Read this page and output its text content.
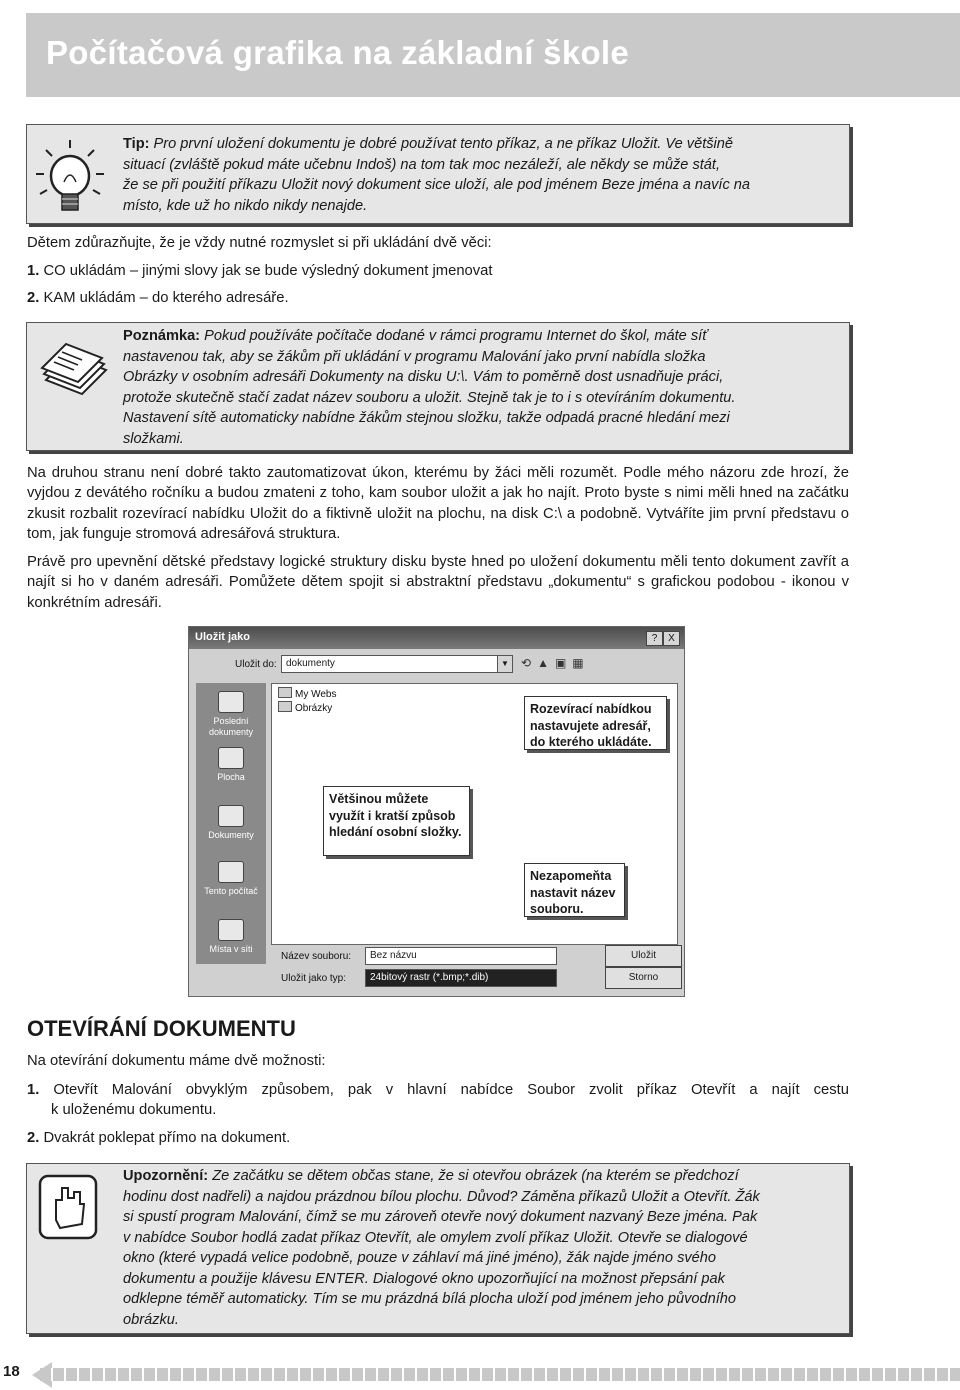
Počítačová grafika na základní škole
Tip: Pro první uložení dokumentu je dobré používat tento příkaz, a ne příkaz Uložit. Ve většině
situací (zvláště pokud máte učebnu Indoš) na tom tak moc nezáleží, ale někdy se může stát,
že se při použití příkazu Uložit nový dokument sice uloží, ale pod jménem Beze jména a navíc na
místo, kde už ho nikdo nikdy nenajde.
Dětem zdůrazňujte, že je vždy nutné rozmyslet si při ukládání dvě věci:
1. CO ukládám – jinými slovy jak se bude výsledný dokument jmenovat
2. KAM ukládám – do kterého adresáře.
Poznámka: Pokud používáte počítače dodané v rámci programu Internet do škol, máte síť
nastavenou tak, aby se žákům při ukládání v programu Malování jako první nabídla složka
Obrázky v osobním adresáři Dokumenty na disku U:\. Vám to poměrně dost usnadňuje práci,
protože skutečně stačí zadat název souboru a uložit. Stejně tak je to i s otevíráním dokumentu.
Nastavení sítě automaticky nabídne žákům stejnou složku, takže odpadá pracné hledání mezi
složkami.
Na druhou stranu není dobré takto zautomatizovat úkon, kterému by žáci měli rozumět. Podle mého názoru zde hrozí, že vyjdou z devátého ročníku a budou zmateni z toho, kam soubor uložit a jak ho najít. Proto byste s nimi měli hned na začátku zkusit rozbalit rozevírací nabídku Uložit do a fiktivně uložit na plochu, na disk C:\ a podobně. Vytváříte jim první představu o tom, jak funguje stromová adresářová struktura.
Právě pro upevnění dětské představy logické struktury disku byste hned po uložení dokumentu měli tento dokument zavřít a najít si ho v daném adresáři. Pomůžete dětem spojit si abstraktní představu „dokumentu“ s grafickou podobou - ikonou v konkrétním adresáři.
Uložit jako	?	X
Uložit do: dokumenty	▼ ⟲▲▣▦
Poslední dokumenty
Plocha
Dokumenty
Tento počítač
Místa v síti
My Webs
Obrázky
Název souboru:	Bez názvu
Uložit jako typ:	24bitový rastr (*.bmp;*.dib)
Uložit
Storno
Rozevírací nabídkou nastavujete adresář, do kterého ukládáte.
Většinou můžete využít i kratší způsob hledání osobní složky.
Nezapomeňta nastavit název souboru.
OTEVÍRÁNÍ DOKUMENTU
Na otevírání dokumentu máme dvě možnosti:
1. Otevřít Malování obvyklým způsobem, pak v hlavní nabídce Soubor zvolit příkaz Otevřít a najít cestu
k uloženému dokumentu.
2. Dvakrát poklepat přímo na dokument.
Upozornění: Ze začátku se dětem občas stane, že si otevřou obrázek (na kterém se předchozí
hodinu dost nadřeli) a najdou prázdnou bílou plochu. Důvod? Záměna příkazů Uložit a Otevřít. Žák
si spustí program Malování, čímž se mu zároveň otevře nový dokument nazvaný Beze jména. Pak
v nabídce Soubor hodlá zadat příkaz Otevřít, ale omylem zvolí příkaz Uložit. Otevře se dialogové
okno (které vypadá velice podobně, pouze v záhlaví má jiné jméno), žák najde jméno svého
dokumentu a použije klávesu ENTER. Dialogové okno upozorňující na možnost přepsání pak
odklepne téměř automaticky. Tím se mu prázdná bílá plocha uloží pod jménem jeho původního
obrázku.
18
